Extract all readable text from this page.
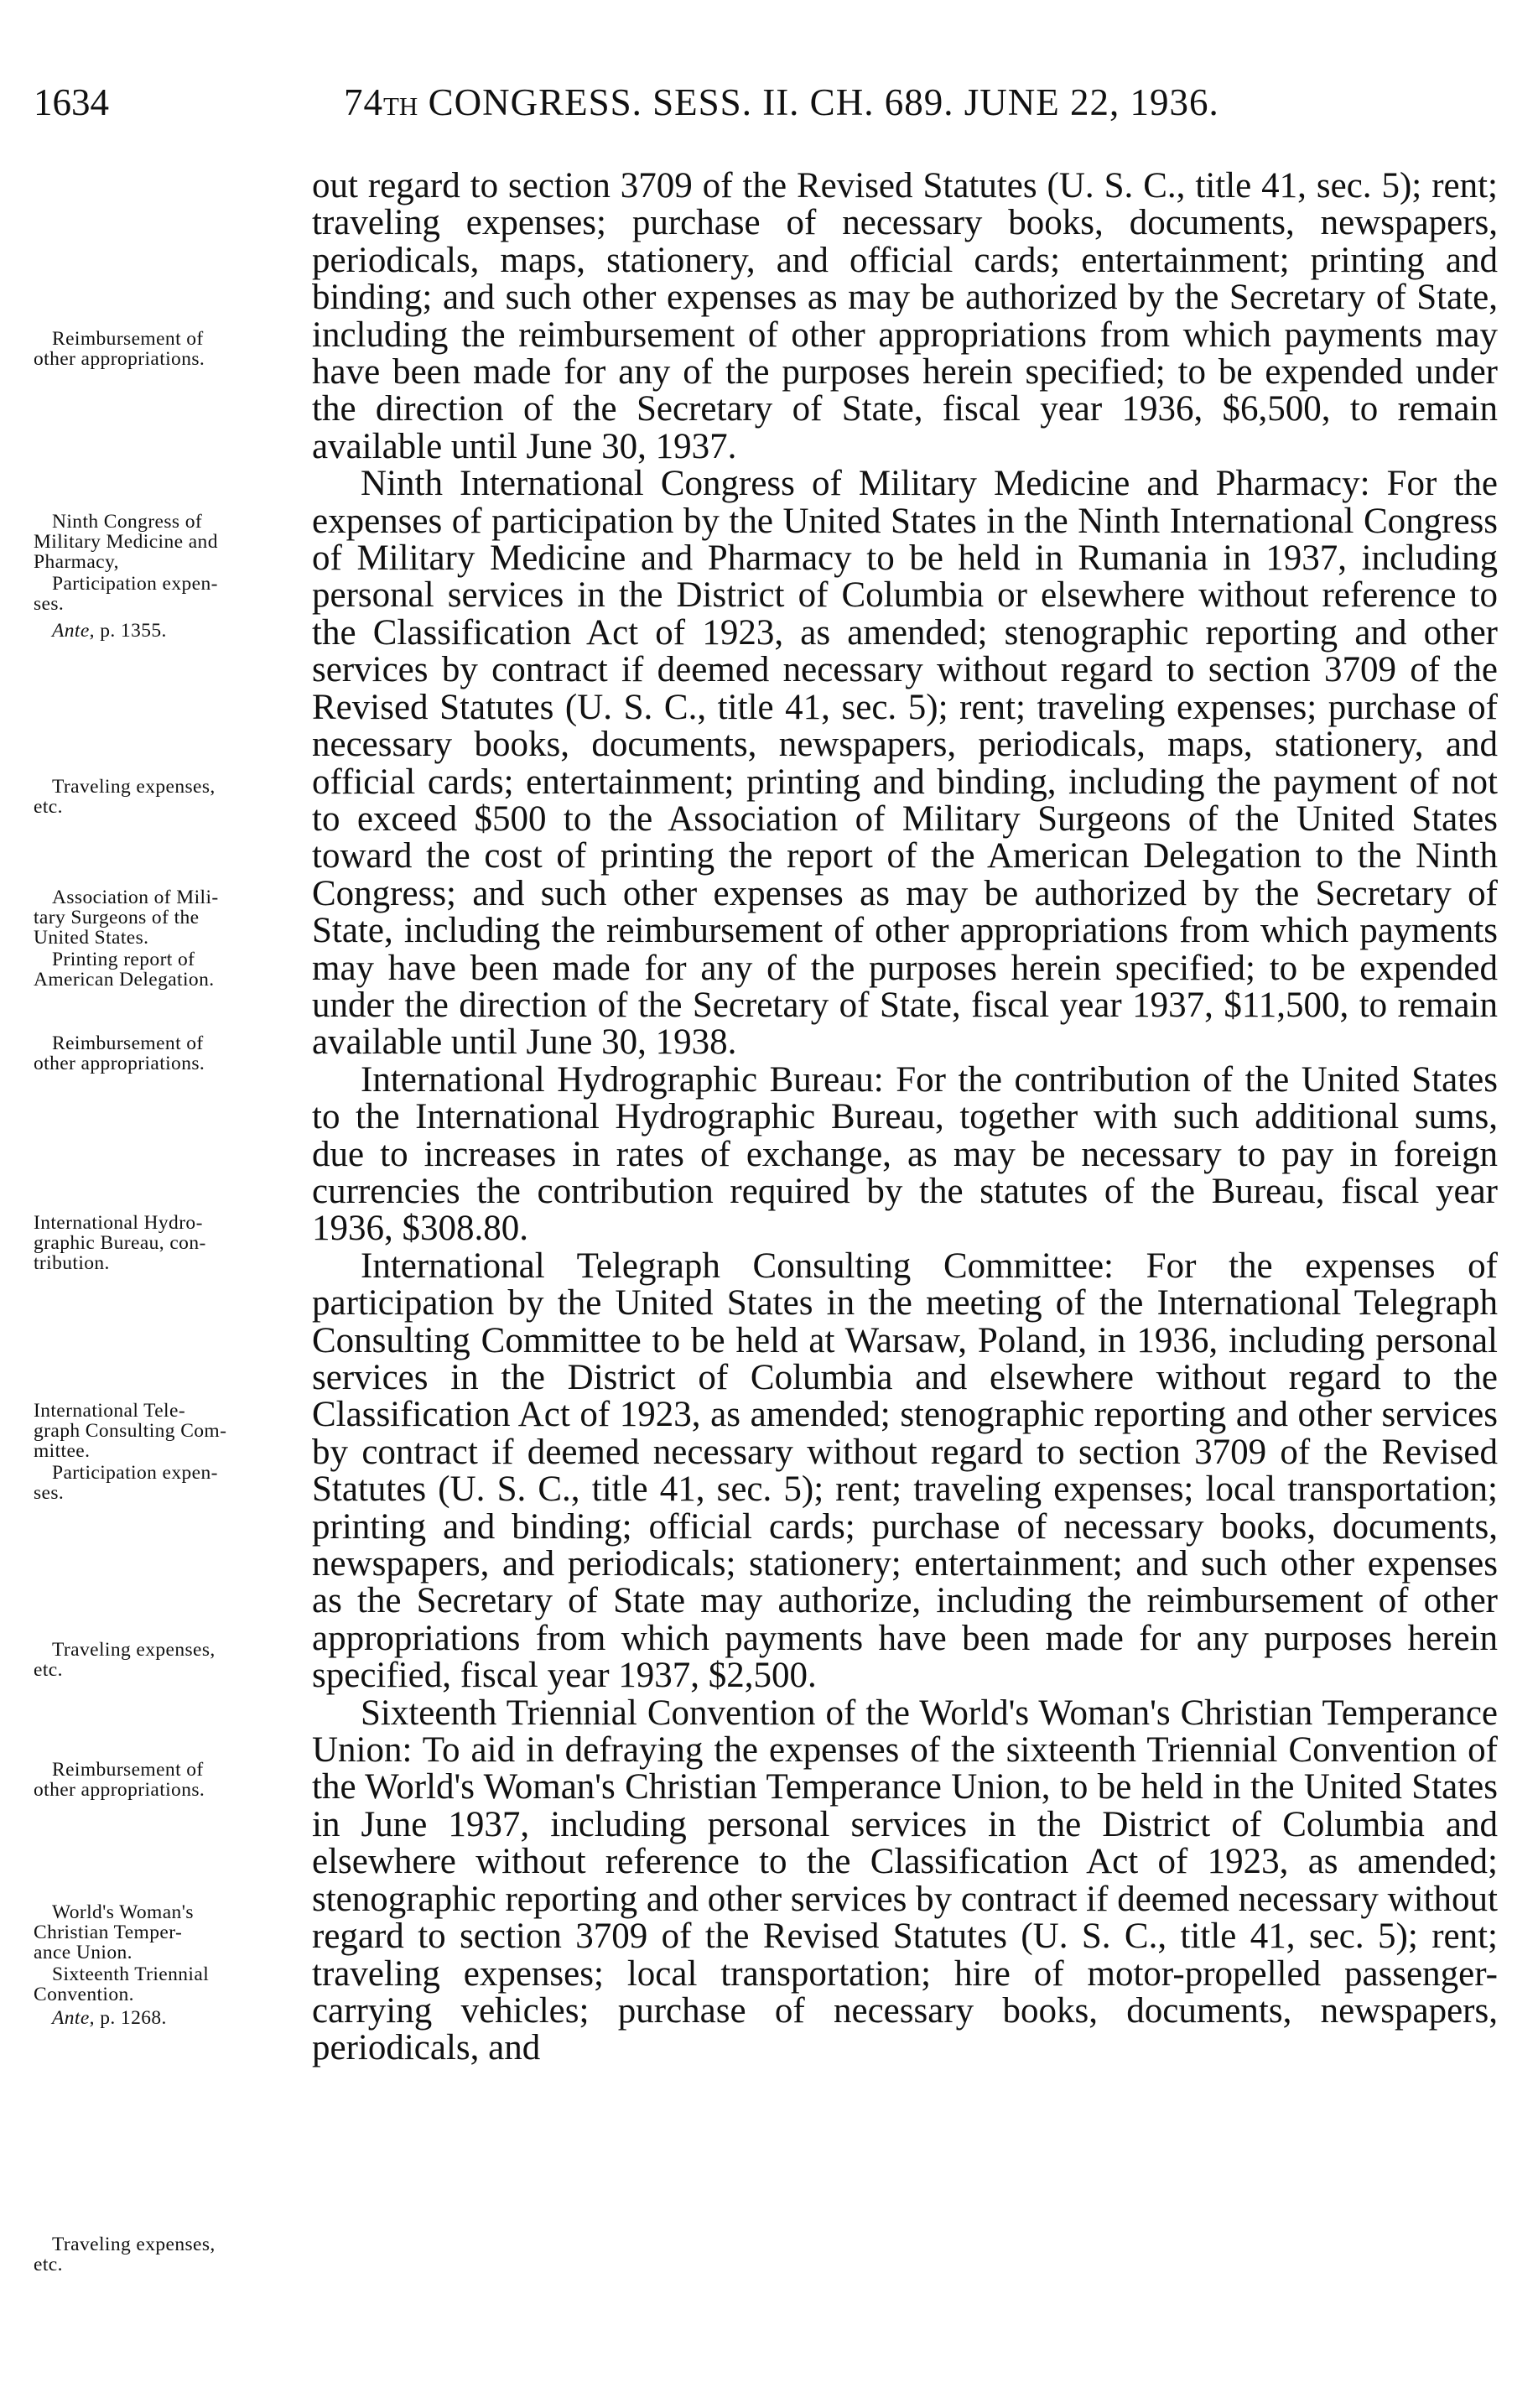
1634	74TH CONGRESS. SESS. II. CH. 689. JUNE 22, 1936.

out regard to section 3709 of the Revised Statutes (U. S. C., title 41, sec. 5); rent; traveling expenses; purchase of necessary books, documents, newspapers, periodicals, maps, stationery, and official cards; entertainment; printing and binding; and such other expenses as may be authorized by the Secretary of State, including the reimbursement of other appropriations from which payments may have been made for any of the purposes herein specified; to be expended under the direction of the Secretary of State, fiscal year 1936, $6,500, to remain available until June 30, 1937.

Ninth International Congress of Military Medicine and Pharmacy: For the expenses of participation by the United States in the Ninth International Congress of Military Medicine and Pharmacy to be held in Rumania in 1937, including personal services in the District of Columbia or elsewhere without reference to the Classification Act of 1923, as amended; stenographic reporting and other services by contract if deemed necessary without regard to section 3709 of the Revised Statutes (U. S. C., title 41, sec. 5); rent; traveling expenses; purchase of necessary books, documents, newspapers, periodicals, maps, stationery, and official cards; entertainment; printing and binding, including the payment of not to exceed $500 to the Association of Military Surgeons of the United States toward the cost of printing the report of the American Delegation to the Ninth Congress; and such other expenses as may be authorized by the Secretary of State, including the reimbursement of other appropriations from which payments may have been made for any of the purposes herein specified; to be expended under the direction of the Secretary of State, fiscal year 1937, $11,500, to remain available until June 30, 1938.

International Hydrographic Bureau: For the contribution of the United States to the International Hydrographic Bureau, together with such additional sums, due to increases in rates of exchange, as may be necessary to pay in foreign currencies the contribution required by the statutes of the Bureau, fiscal year 1936, $308.80.

International Telegraph Consulting Committee: For the expenses of participation by the United States in the meeting of the International Telegraph Consulting Committee to be held at Warsaw, Poland, in 1936, including personal services in the District of Columbia and elsewhere without regard to the Classification Act of 1923, as amended; stenographic reporting and other services by contract if deemed necessary without regard to section 3709 of the Revised Statutes (U. S. C., title 41, sec. 5); rent; traveling expenses; local transportation; printing and binding; official cards; purchase of necessary books, documents, newspapers, and periodicals; stationery; entertainment; and such other expenses as the Secretary of State may authorize, including the reimbursement of other appropriations from which payments have been made for any purposes herein specified, fiscal year 1937, $2,500.

Sixteenth Triennial Convention of the World's Woman's Christian Temperance Union: To aid in defraying the expenses of the sixteenth Triennial Convention of the World's Woman's Christian Temperance Union, to be held in the United States in June 1937, including personal services in the District of Columbia and elsewhere without reference to the Classification Act of 1923, as amended; stenographic reporting and other services by contract if deemed necessary without regard to section 3709 of the Revised Statutes (U. S. C., title 41, sec. 5); rent; traveling expenses; local transportation; hire of motor-propelled passenger-carrying vehicles; purchase of necessary books, documents, newspapers, periodicals, and

Reimbursement of
other appropriations.
Ninth Congress of
Military Medicine and
Pharmacy,
Participation expen-
ses.
Ante, p. 1355.
Traveling expenses,
etc.
Association of Mili-
tary Surgeons of the
United States.
Printing report of
American Delegation.
Reimbursement of
other appropriations.
International Hydro-
graphic Bureau, con-
tribution.
International Tele-
graph Consulting Com-
mittee.
Participation expen-
ses.
Traveling expenses,
etc.
Reimbursement of
other appropriations.
World's Woman's
Christian Temper-
ance Union.
Sixteenth Triennial
Convention.
Ante, p. 1268.
Traveling expenses,
etc.
